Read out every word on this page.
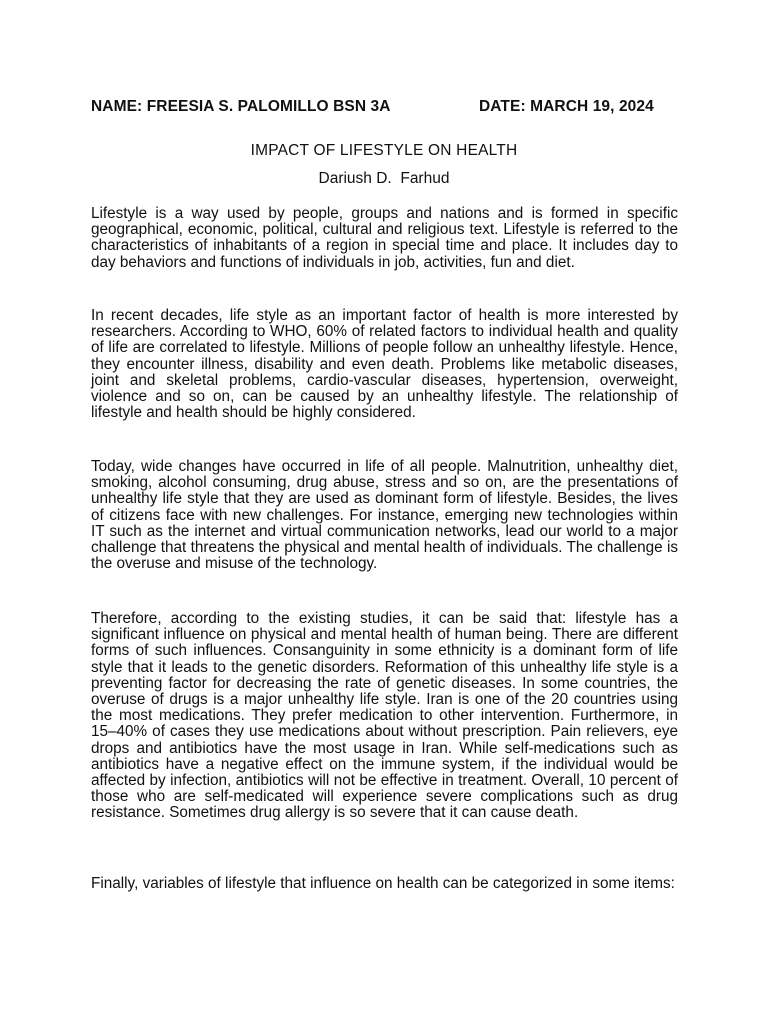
NAME: FREESIA S. PALOMILLO BSN 3A	DATE: MARCH 19, 2024
IMPACT OF LIFESTYLE ON HEALTH
Dariush D.  Farhud

Lifestyle is a way used by people, groups and nations and is formed in specific geographical, economic, political, cultural and religious text. Lifestyle is referred to the characteristics of inhabitants of a region in special time and place. It includes day to day behaviors and functions of individuals in job, activities, fun and diet.

In recent decades, life style as an important factor of health is more interested by researchers. According to WHO, 60% of related factors to individual health and quality of life are correlated to lifestyle. Millions of people follow an unhealthy lifestyle. Hence, they encounter illness, disability and even death. Problems like metabolic diseases, joint and skeletal problems, cardio-vascular diseases, hypertension, overweight, violence and so on, can be caused by an unhealthy lifestyle. The relationship of lifestyle and health should be highly considered.

Today, wide changes have occurred in life of all people. Malnutrition, unhealthy diet, smoking, alcohol consuming, drug abuse, stress and so on, are the presentations of unhealthy life style that they are used as dominant form of lifestyle. Besides, the lives of citizens face with new challenges. For instance, emerging new technologies within IT such as the internet and virtual communication networks, lead our world to a major challenge that threatens the physical and mental health of individuals. The challenge is the overuse and misuse of the technology.

Therefore, according to the existing studies, it can be said that: lifestyle has a significant influence on physical and mental health of human being. There are different forms of such influences. Consanguinity in some ethnicity is a dominant form of life style that it leads to the genetic disorders. Reformation of this unhealthy life style is a preventing factor for decreasing the rate of genetic diseases. In some countries, the overuse of drugs is a major unhealthy life style. Iran is one of the 20 countries using the most medications. They prefer medication to other intervention. Furthermore, in 15–40% of cases they use medications about without prescription. Pain relievers, eye drops and antibiotics have the most usage in Iran. While self-medications such as antibiotics have a negative effect on the immune system, if the individual would be affected by infection, antibiotics will not be effective in treatment. Overall, 10 percent of those who are self-medicated will experience severe complications such as drug resistance. Sometimes drug allergy is so severe that it can cause death.

Finally, variables of lifestyle that influence on health can be categorized in some items:
